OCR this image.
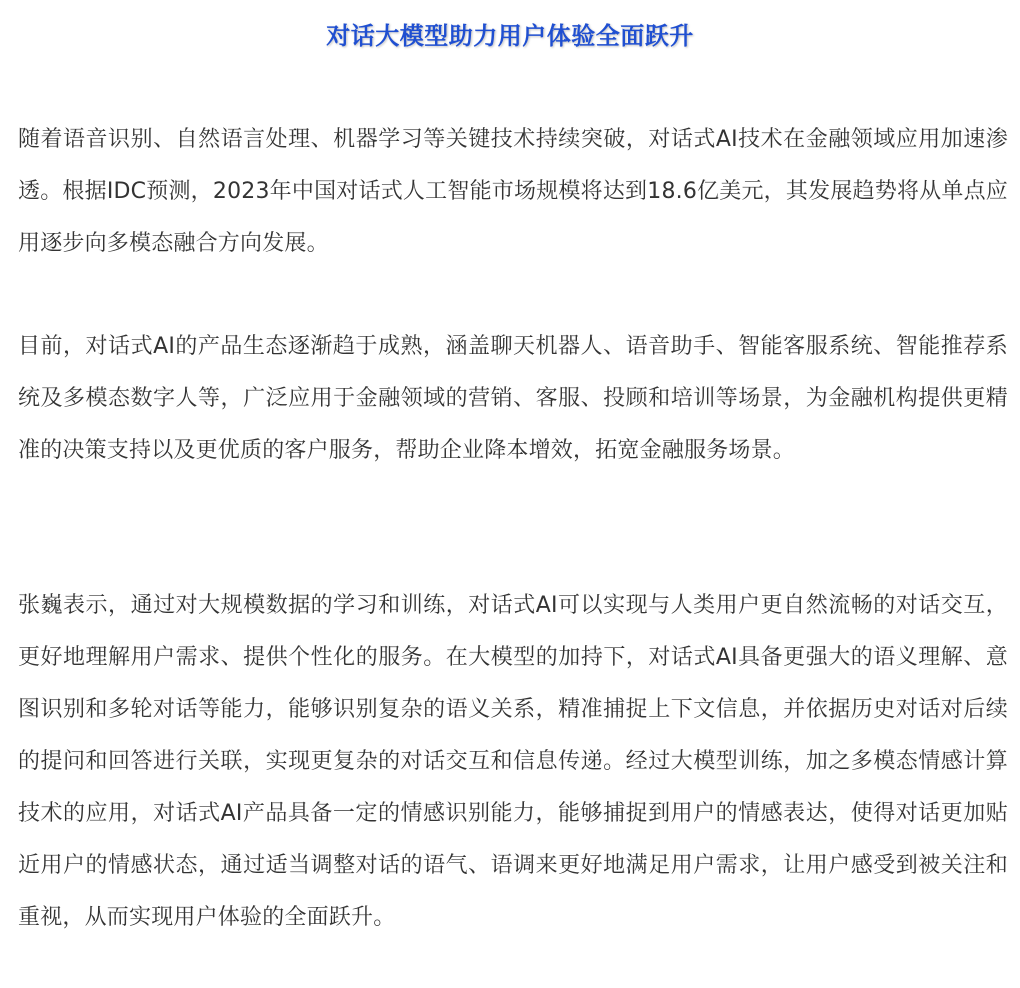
对话大模型助力用户体验全面跃升

随着语音识别、自然语言处理、机器学习等关键技术持续突破，对话式AI技术在金融领域应用加速渗透。根据IDC预测，2023年中国对话式人工智能市场规模将达到18.6亿美元，其发展趋势将从单点应用逐步向多模态融合方向发展。

目前，对话式AI的产品生态逐渐趋于成熟，涵盖聊天机器人、语音助手、智能客服系统、智能推荐系统及多模态数字人等，广泛应用于金融领域的营销、客服、投顾和培训等场景，为金融机构提供更精准的决策支持以及更优质的客户服务，帮助企业降本增效，拓宽金融服务场景。

张巍表示，通过对大规模数据的学习和训练，对话式AI可以实现与人类用户更自然流畅的对话交互，更好地理解用户需求、提供个性化的服务。在大模型的加持下，对话式AI具备更强大的语义理解、意图识别和多轮对话等能力，能够识别复杂的语义关系，精准捕捉上下文信息，并依据历史对话对后续的提问和回答进行关联，实现更复杂的对话交互和信息传递。经过大模型训练，加之多模态情感计算技术的应用，对话式AI产品具备一定的情感识别能力，能够捕捉到用户的情感表达，使得对话更加贴近用户的情感状态，通过适当调整对话的语气、语调来更好地满足用户需求，让用户感受到被关注和重视，从而实现用户体验的全面跃升。
